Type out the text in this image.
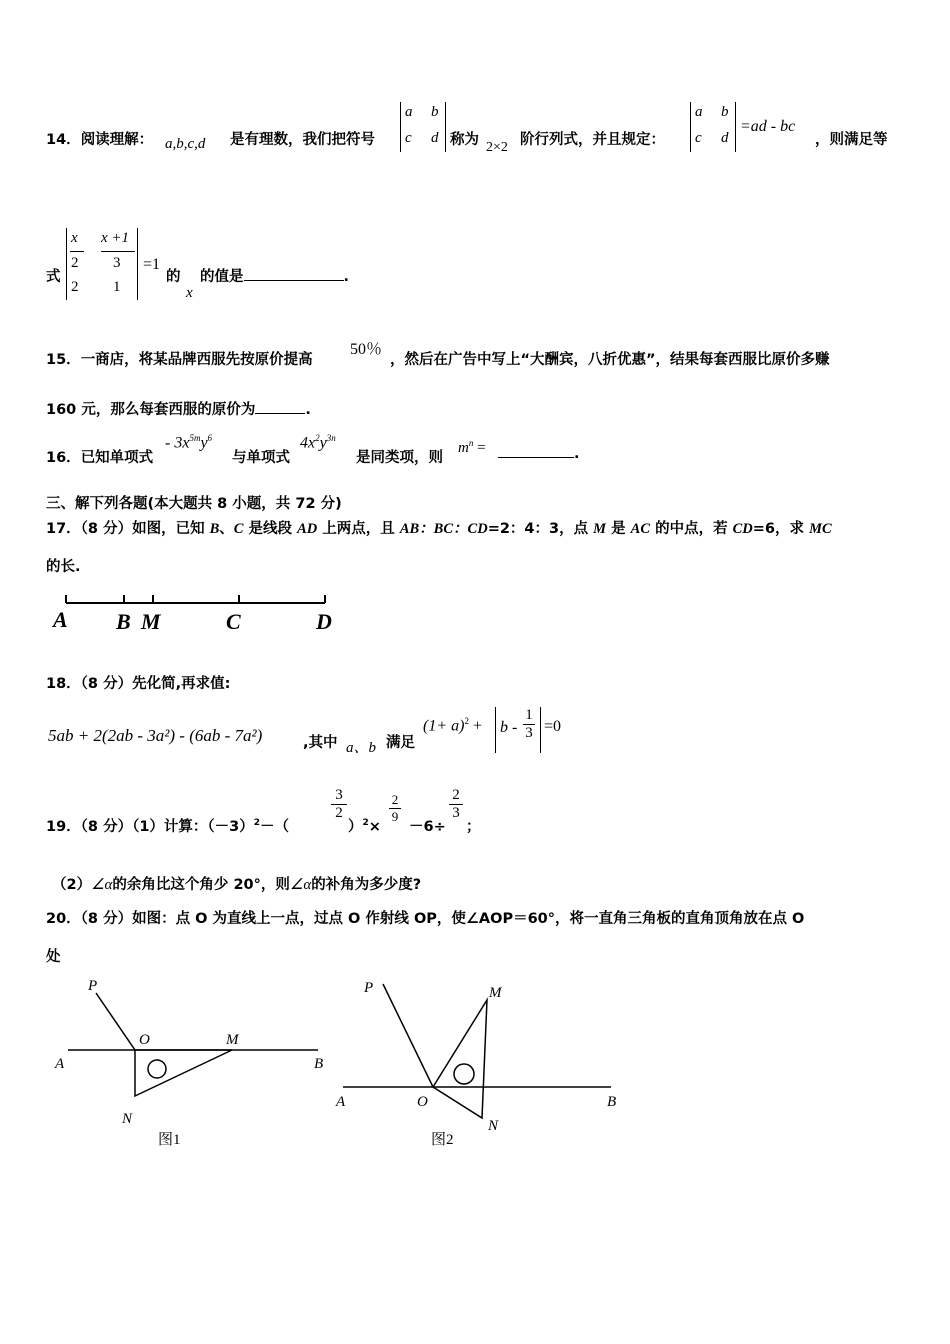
14．阅读理解： a,b,c,d 是有理数，我们把符号
a b
c d 称为 2×2 阶行列式，并且规定：
a b
c d
=ad - bc
，则满足等
式
x
2
x +1
3
2 1
=1
的
x
的值是	.
15．一商店，将某品牌西服先按原价提高
50％
，然后在广告中写上“大酬宾，八折优惠”，结果每套西服比原价多赚
160 元，那么每套西服的原价为	.
16．已知单项式
- $3x^{5m}y^6$
与单项式
$4x^2y^{3n}$
是同类项，则
$m^n$ =	.
三、解下列各题(本大题共 8 小题，共 72 分)
17．（8 分）如图，已知 B、C 是线段 AD 上两点，且 AB：BC：CD=2：4：3，点 M 是 AC 的中点，若 CD=6，求 MC
的长.
A B M	C	D
18．（8 分）先化简,再求值:
5ab + 2(2ab - 3a²) - (6ab - 7a²)	,其中 a、b 满足
$(1+ a)^2 + b$ -
1
3 =0
19．（8 分）（1）计算：$(-3)^2-$（
3
2
）$^2$×
2
9
－6÷
2
3
；
（2）∠α的余角比这个角少 20°，则∠α的补角为多少度?
20．（8 分）如图：点 O 为直线上一点，过点 O 作射线 OP，使∠AOP＝60°，将一直角三角板的直角顶角放在点 O
处
P
O	M
A	B
N
图1
P	M
A	O	B
N
图2
